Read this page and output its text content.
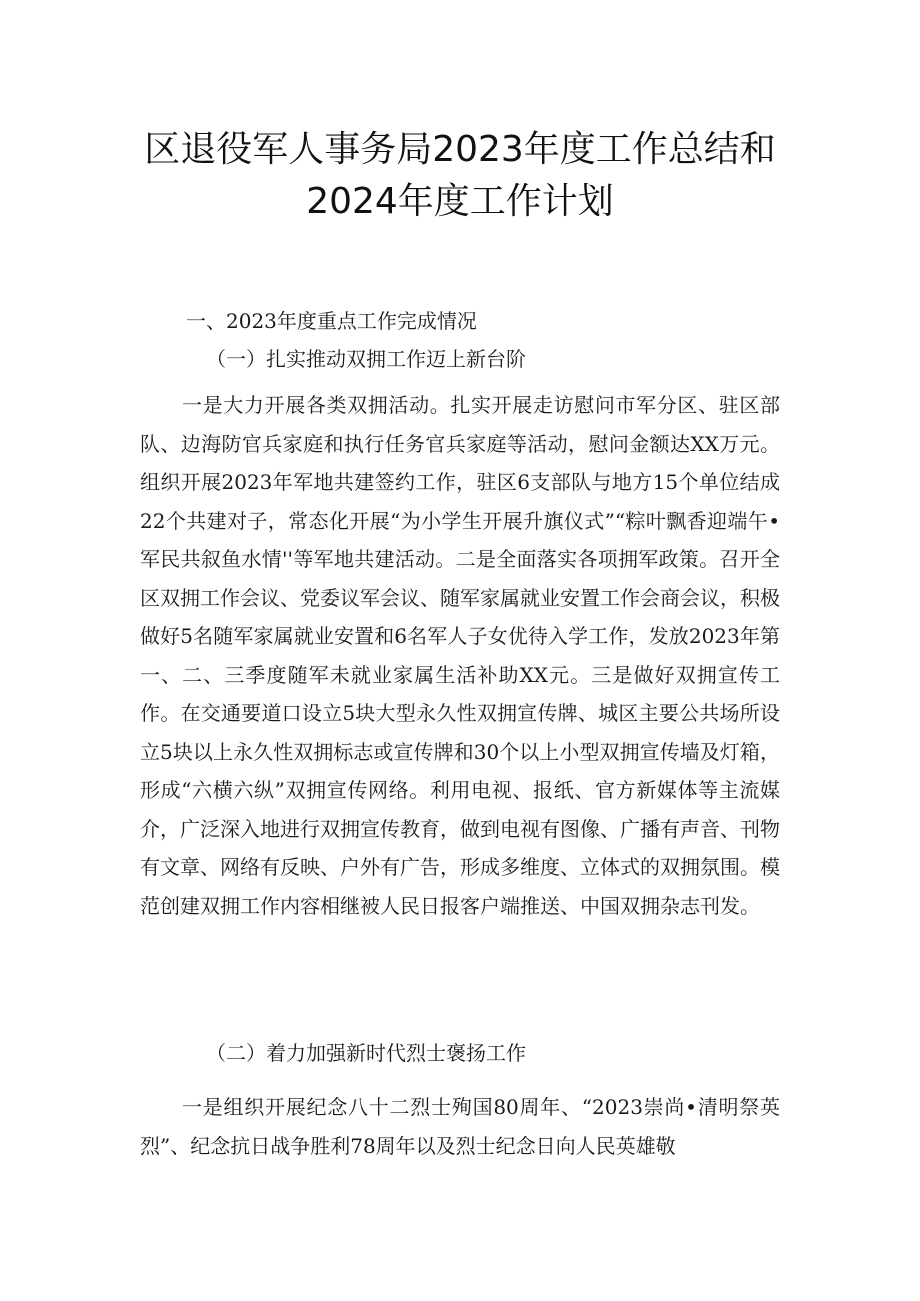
区退役军人事务局2023年度工作总结和
2024年度工作计划
一、2023年度重点工作完成情况
（一）扎实推动双拥工作迈上新台阶
一是大力开展各类双拥活动。扎实开展走访慰问市军分区、驻区部队、边海防官兵家庭和执行任务官兵家庭等活动，慰问金额达XX万元。组织开展2023年军地共建签约工作，驻区6支部队与地方15个单位结成22个共建对子，常态化开展“为小学生开展升旗仪式”“粽叶飘香迎端午•军民共叙鱼水情''等军地共建活动。二是全面落实各项拥军政策。召开全区双拥工作会议、党委议军会议、随军家属就业安置工作会商会议，积极做好5名随军家属就业安置和6名军人子女优待入学工作，发放2023年第一、二、三季度随军未就业家属生活补助XX元。三是做好双拥宣传工作。在交通要道口设立5块大型永久性双拥宣传牌、城区主要公共场所设立5块以上永久性双拥标志或宣传牌和30个以上小型双拥宣传墙及灯箱，形成“六横六纵”双拥宣传网络。利用电视、报纸、官方新媒体等主流媒介，广泛深入地进行双拥宣传教育，做到电视有图像、广播有声音、刊物有文章、网络有反映、户外有广告，形成多维度、立体式的双拥氛围。模范创建双拥工作内容相继被人民日报客户端推送、中国双拥杂志刊发。
（二）着力加强新时代烈士褒扬工作
一是组织开展纪念八十二烈士殉国80周年、“2023崇尚•清明祭英烈”、纪念抗日战争胜利78周年以及烈士纪念日向人民英雄敬
